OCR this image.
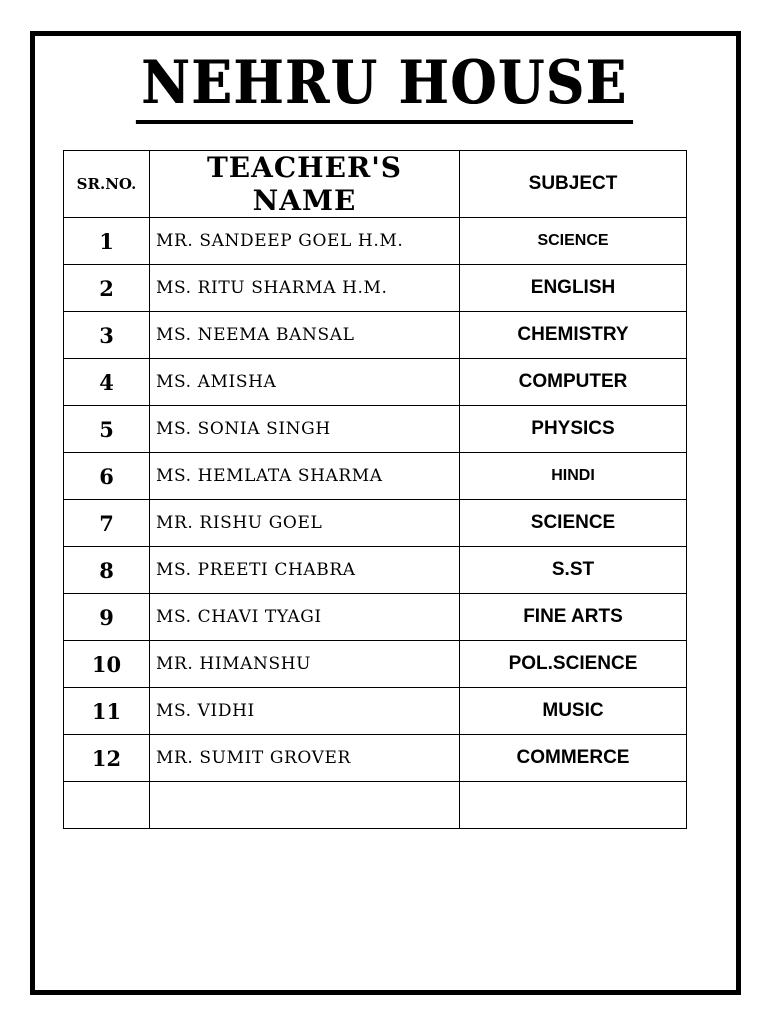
NEHRU HOUSE
SR.NO.	TEACHER'S NAME	SUBJECT
1	MR. SANDEEP GOEL H.M.	SCIENCE
2	MS. RITU SHARMA H.M.	ENGLISH
3	MS. NEEMA BANSAL	CHEMISTRY
4	MS. AMISHA	COMPUTER
5	MS. SONIA SINGH	PHYSICS
6	MS. HEMLATA SHARMA	HINDI
7	MR. RISHU GOEL	SCIENCE
8	MS. PREETI CHABRA	S.ST
9	MS. CHAVI TYAGI	FINE ARTS
10	MR. HIMANSHU	POL.SCIENCE
11	MS. VIDHI	MUSIC
12	MR. SUMIT GROVER	COMMERCE
